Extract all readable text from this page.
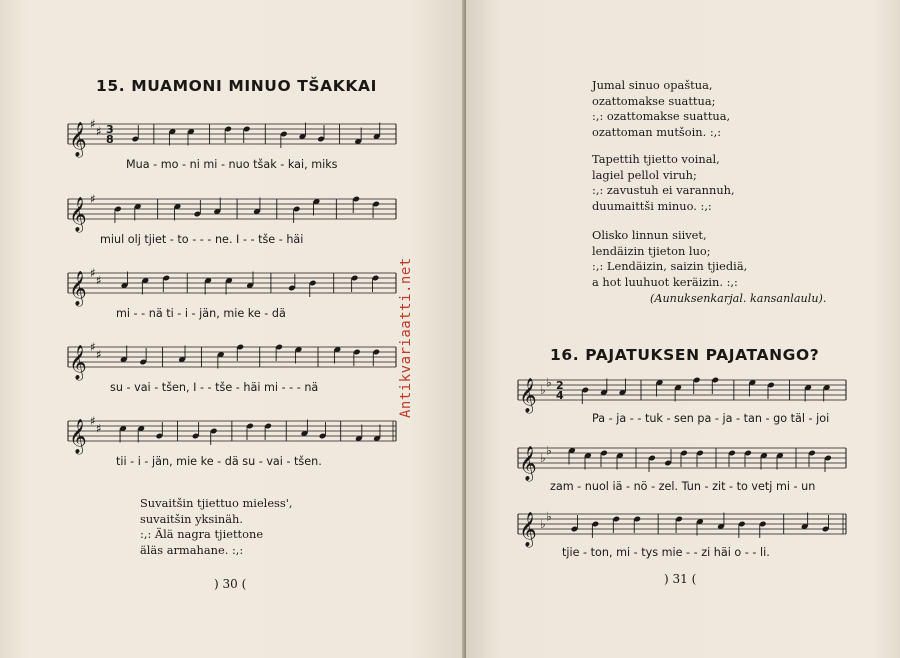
15. MUAMONI MINUO TŠAKKAI
𝄞 ♯
♯ 3
8
Mua - mo - ni mi - nuo tšak - kai, miks
𝄞 ♯
miul olj tjiet - to - - - ne. I - - tše - häi
𝄞 ♯
♯
mi - - nä ti - i - jän, mie ke - dä
𝄞 ♯
♯
su - vai - tšen, I - - tše - häi mi - - - nä
𝄞 ♯
♯
tii - i - jän, mie ke - dä su - vai - tšen.
Suvaitšin tjiettuo mieless',
suvaitšin yksinäh.
:,: Älä nagra tjiettone
äläs armahane. :,:
) 30 (
Antikvariaatti.net
Jumal sinuo opaštua,
ozattomakse suattua;
:,: ozattomakse suattua,
ozattoman mutšoin. :,:
Tapettih tjietto voinal,
lagiel pellol viruh;
:,: zavustuh ei varannuh,
duumaittši minuo. :,:
Olisko linnun siivet,
lendäizin tjieton luo;
:,: Lendäizin, saizin tjiediä,
a hot luuhuot keräizin. :,:
(Aunuksenkarjal. kansanlaulu).
16. PAJATUKSEN PAJATANGO?
𝄞 ♭
♭ 2
4
Pa - ja - - tuk - sen pa - ja - tan - go täl - joi
𝄞 ♭
♭
zam - nuol iä - nö - zel. Tun - zit - to vetj mi - un
𝄞 ♭
♭
tjie - ton, mi - tys mie - - zi häi o - - li.
) 31 (
